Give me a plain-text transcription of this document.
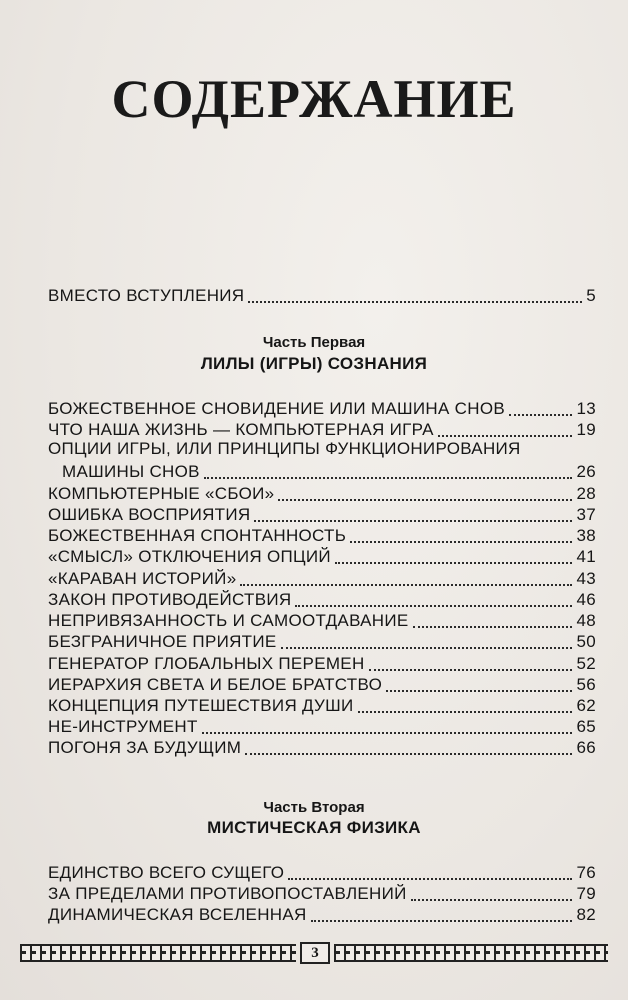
СОДЕРЖАНИЕ
ВМЕСТО ВСТУПЛЕНИЯ	5
Часть Первая
ЛИЛЫ (ИГРЫ) СОЗНАНИЯ
БОЖЕСТВЕННОЕ СНОВИДЕНИЕ ИЛИ МАШИНА СНОВ	13
ЧТО НАША ЖИЗНЬ — КОМПЬЮТЕРНАЯ ИГРА	19
ОПЦИИ ИГРЫ, ИЛИ ПРИНЦИПЫ ФУНКЦИОНИРОВАНИЯ
МАШИНЫ СНОВ	26
КОМПЬЮТЕРНЫЕ «СБОИ»	28
ОШИБКА ВОСПРИЯТИЯ	37
БОЖЕСТВЕННАЯ СПОНТАННОСТЬ	38
«СМЫСЛ» ОТКЛЮЧЕНИЯ ОПЦИЙ	41
«КАРАВАН ИСТОРИЙ»	43
ЗАКОН ПРОТИВОДЕЙСТВИЯ	46
НЕПРИВЯЗАННОСТЬ И САМООТДАВАНИЕ	48
БЕЗГРАНИЧНОЕ ПРИЯТИЕ	50
ГЕНЕРАТОР ГЛОБАЛЬНЫХ ПЕРЕМЕН	52
ИЕРАРХИЯ СВЕТА И БЕЛОЕ БРАТСТВО	56
КОНЦЕПЦИЯ ПУТЕШЕСТВИЯ ДУШИ	62
НЕ-ИНСТРУМЕНТ	65
ПОГОНЯ ЗА БУДУЩИМ	66
Часть Вторая
МИСТИЧЕСКАЯ ФИЗИКА
ЕДИНСТВО ВСЕГО СУЩЕГО	76
ЗА ПРЕДЕЛАМИ ПРОТИВОПОСТАВЛЕНИЙ	79
ДИНАМИЧЕСКАЯ ВСЕЛЕННАЯ	82
3
